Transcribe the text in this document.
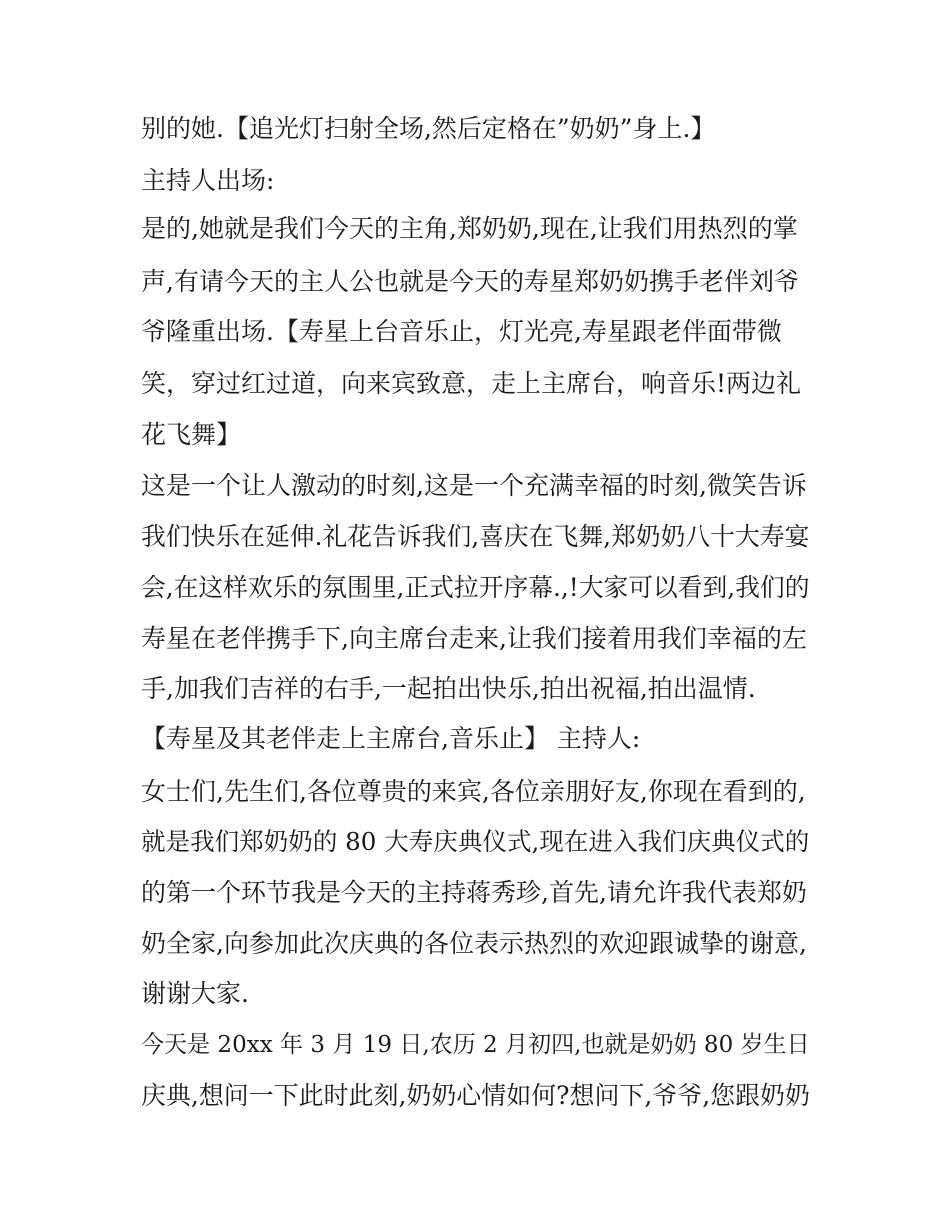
别的她.【追光灯扫射全场,然后定格在”奶奶”身上.】
主持人出场:
是的,她就是我们今天的主角,郑奶奶,现在,让我们用热烈的掌
声,有请今天的主人公也就是今天的寿星郑奶奶携手老伴刘爷
爷隆重出场.【寿星上台音乐止，灯光亮,寿星跟老伴面带微
笑，穿过红过道，向来宾致意，走上主席台，响音乐!两边礼
花飞舞】
这是一个让人激动的时刻,这是一个充满幸福的时刻,微笑告诉
我们快乐在延伸.礼花告诉我们,喜庆在飞舞,郑奶奶八十大寿宴
会,在这样欢乐的氛围里,正式拉开序幕.,!大家可以看到,我们的
寿星在老伴携手下,向主席台走来,让我们接着用我们幸福的左
手,加我们吉祥的右手,一起拍出快乐,拍出祝福,拍出温情.
【寿星及其老伴走上主席台,音乐止】 主持人:
女士们,先生们,各位尊贵的来宾,各位亲朋好友,你现在看到的,
就是我们郑奶奶的 80 大寿庆典仪式,现在进入我们庆典仪式的
的第一个环节我是今天的主持蒋秀珍,首先,请允许我代表郑奶
奶全家,向参加此次庆典的各位表示热烈的欢迎跟诚挚的谢意,
谢谢大家.
今天是 20xx 年 3 月 19 日,农历 2 月初四,也就是奶奶 80 岁生日
庆典,想问一下此时此刻,奶奶心情如何?想问下,爷爷,您跟奶奶
